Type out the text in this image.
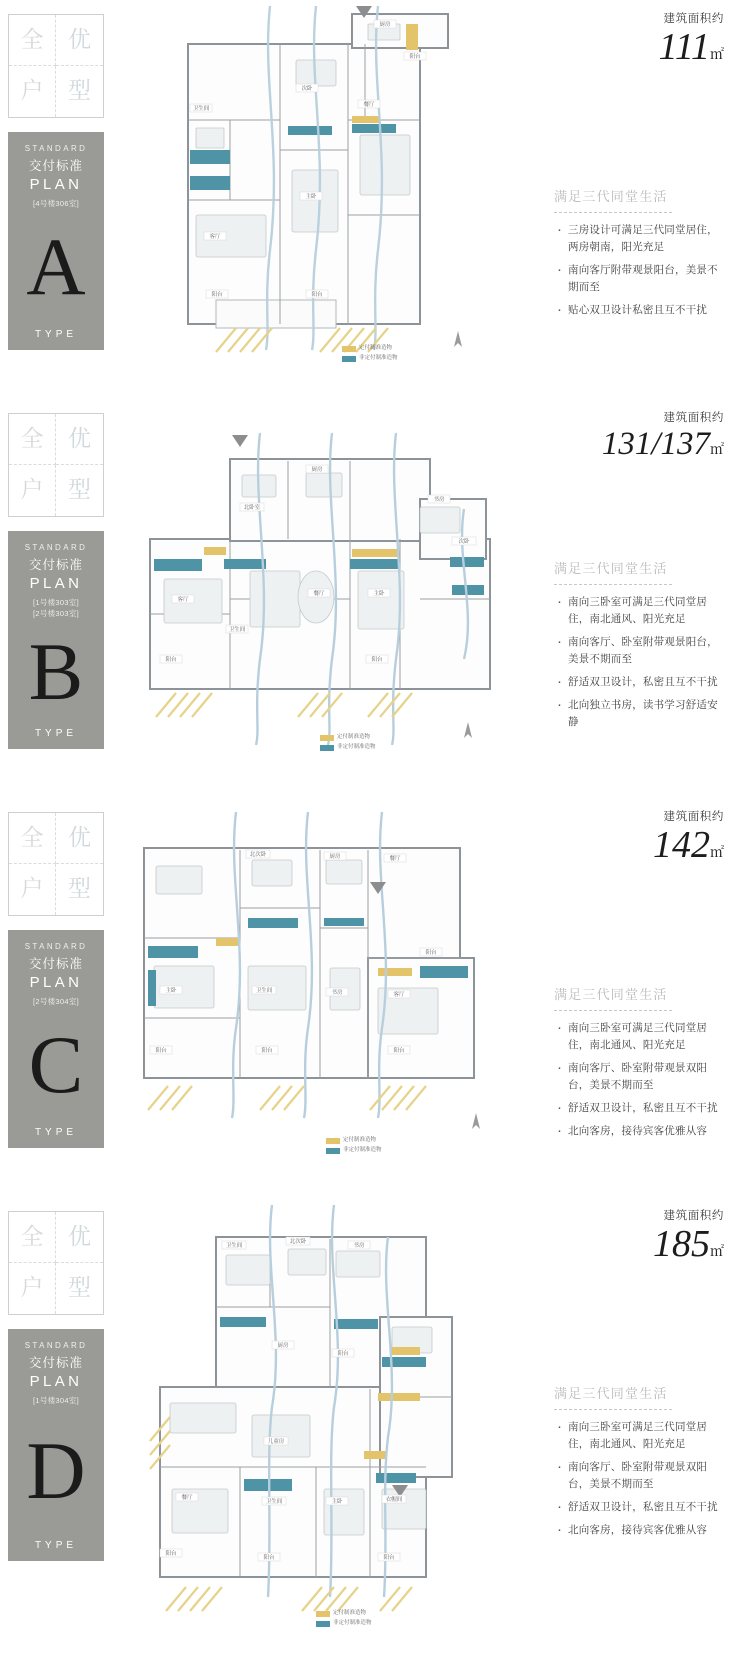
全 优
户 型
STANDARD
交付标准
PLAN
[4号楼306室]
A
TYPE
厨房
阳台
次卧
餐厅
客厅
主卧
阳台	阳台
卫生间
定付制准造物
非定付制准造物
建筑面积约
111㎡
满足三代同堂生活
· 三房设计可满足三代同堂居住，两房朝南，阳光充足
· 南向客厅附带观景阳台，美景不期而至
· 贴心双卫设计私密且互不干扰
全 优
户 型
STANDARD
交付标准
PLAN
[1号楼303室]
[2号楼303室]
B
TYPE
厨房
书房
北卧室
次卧
客厅
餐厅	主卧
阳台	阳台
卫生间
定付制准造物
非定付制准造物
建筑面积约
131/137㎡
满足三代同堂生活
· 南向三卧室可满足三代同堂居住，南北通风、阳光充足
· 南向客厅、卧室附带观景阳台，美景不期而至
· 舒适双卫设计，私密且互不干扰
· 北向独立书房，读书学习舒适安静
全 优
户 型
STANDARD
交付标准
PLAN
[2号楼304室]
C
TYPE
北次卧	厨房	餐厅
阳台
主卧	卫生间	书房	客厅
阳台	阳台	阳台
定付制准造物
非定付制准造物
建筑面积约
142㎡
满足三代同堂生活
· 南向三卧室可满足三代同堂居住，南北通风、阳光充足
· 南向客厅、卧室附带观景双阳台，美景不期而至
· 舒适双卫设计，私密且互不干扰
· 北向客房，接待宾客优雅从容
全 优
户 型
STANDARD
交付标准
PLAN
[1号楼304室]
D
TYPE
卫生间
北次卧
书房
厨房
阳台
儿童房
餐厅
卫生间	主卧	衣帽间
阳台
阳台	阳台
定付制准造物
非定付制准造物
建筑面积约
185㎡
满足三代同堂生活
· 南向三卧室可满足三代同堂居住，南北通风、阳光充足
· 南向客厅、卧室附带观景双阳台，美景不期而至
· 舒适双卫设计，私密且互不干扰
· 北向客房，接待宾客优雅从容
